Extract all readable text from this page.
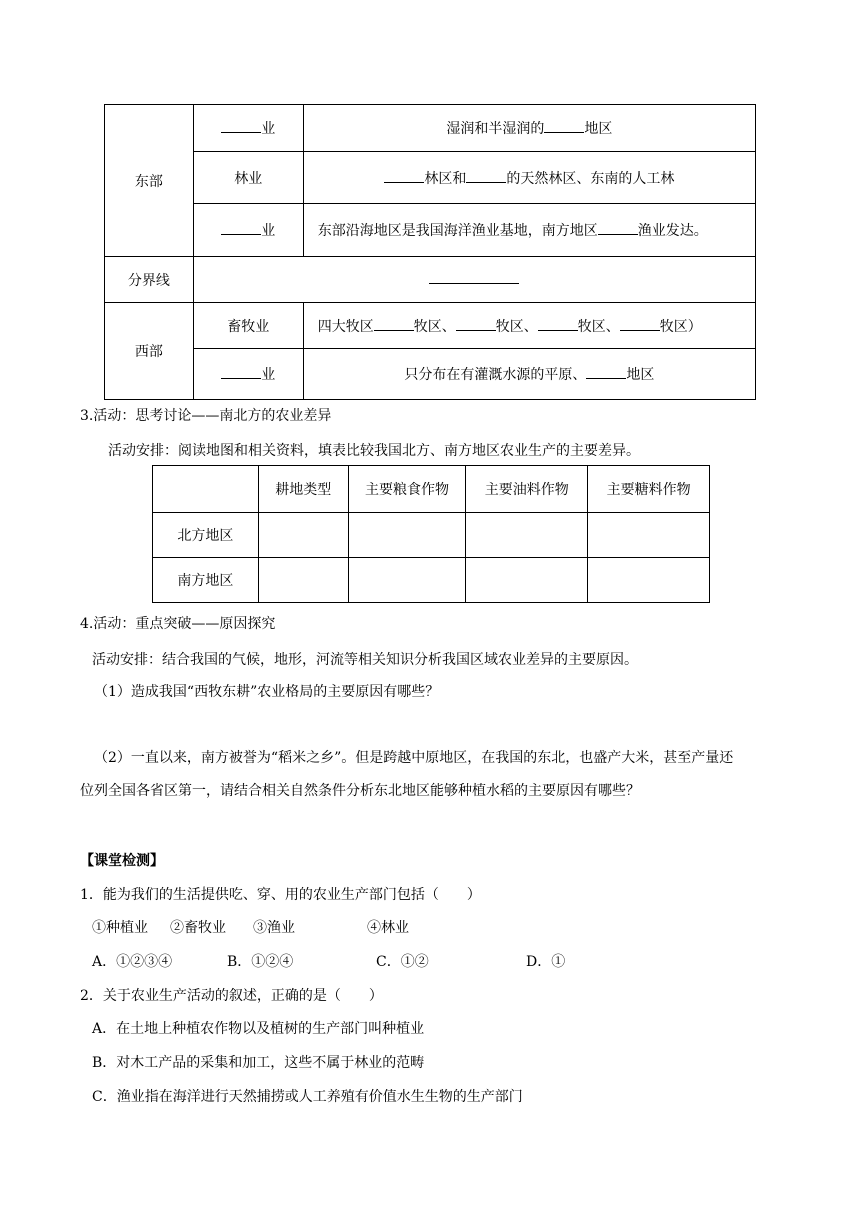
东部	业	湿润和半湿润的 地区
	林业	林区和 的天然林区、东南的人工林
	业	东部沿海地区是我国海洋渔业基地，南方地区 渔业发达。
分界线		
西部	畜牧业	四大牧区 牧区、 牧区、 牧区、 牧区）
	业	只分布在有灌溉水源的平原、 地区
3.活动：思考讨论——南北方的农业差异
活动安排：阅读地图和相关资料，填表比较我国北方、南方地区农业生产的主要差异。
	耕地类型	主要粮食作物	主要油料作物	主要糖料作物
北方地区				
南方地区				
4.活动：重点突破——原因探究
活动安排：结合我国的气候，地形，河流等相关知识分析我国区域农业差异的主要原因。
（1）造成我国“西牧东耕”农业格局的主要原因有哪些？
（2）一直以来，南方被誉为“稻米之乡”。但是跨越中原地区，在我国的东北，也盛产大米，甚至产量还
位列全国各省区第一，请结合相关自然条件分析东北地区能够种植水稻的主要原因有哪些？
【课堂检测】
1．能为我们的生活提供吃、穿、用的农业生产部门包括（　　）
①种植业 ②畜牧业 ③渔业	④林业
A．①②③④	B．①②④	C．①②	D．①
2．关于农业生产活动的叙述，正确的是（　　）
A．在土地上种植农作物以及植树的生产部门叫种植业
B．对木工产品的采集和加工，这些不属于林业的范畴
C．渔业指在海洋进行天然捕捞或人工养殖有价值水生生物的生产部门
